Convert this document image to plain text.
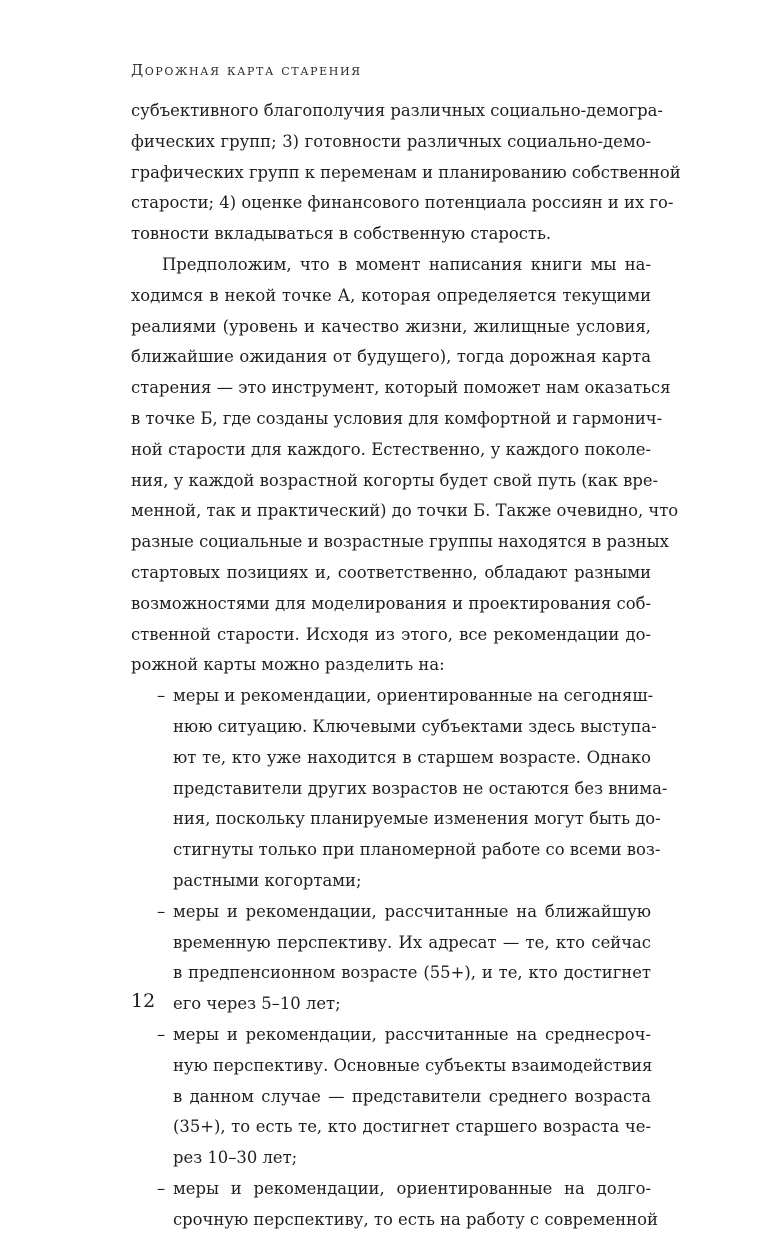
Дорожная карта старения
субъективного благополучия различных социально-демогра-
фических групп; 3) готовности различных социально-демо-
графических групп к переменам и планированию собственной
старости; 4) оценке финансового потенциала россиян и их го-
товности вкладываться в собственную старость.
Предположим, что в момент написания книги мы на-
ходимся в некой точке А, которая определяется текущими
реалиями (уровень и качество жизни, жилищные условия,
ближайшие ожидания от будущего), тогда дорожная карта
старения — это инструмент, который поможет нам оказаться
в точке Б, где созданы условия для комфортной и гармонич-
ной старости для каждого. Естественно, у каждого поколе-
ния, у каждой возрастной когорты будет свой путь (как вре-
менной, так и практический) до точки Б. Также очевидно, что
разные социальные и возрастные группы находятся в разных
стартовых позициях и, соответственно, обладают разными
возможностями для моделирования и проектирования соб-
ственной старости. Исходя из этого, все рекомендации до-
рожной карты можно разделить на:
– меры и рекомендации, ориентированные на сегодняш-
нюю ситуацию. Ключевыми субъектами здесь выступа-
ют те, кто уже находится в старшем возрасте. Однако
представители других возрастов не остаются без внима-
ния, поскольку планируемые изменения могут быть до-
стигнуты только при планомерной работе со всеми воз-
растными когортами;
– меры и рекомендации, рассчитанные на ближайшую
временную перспективу. Их адресат — те, кто сейчас
в предпенсионном возрасте (55+), и те, кто достигнет
его через 5–10 лет;
– меры и рекомендации, рассчитанные на среднесроч-
ную перспективу. Основные субъекты взаимодействия
в данном случае — представители среднего возраста
(35+), то есть те, кто достигнет старшего возраста че-
рез 10–30 лет;
– меры и рекомендации, ориентированные на долго-
срочную перспективу, то есть на работу с современной
12
